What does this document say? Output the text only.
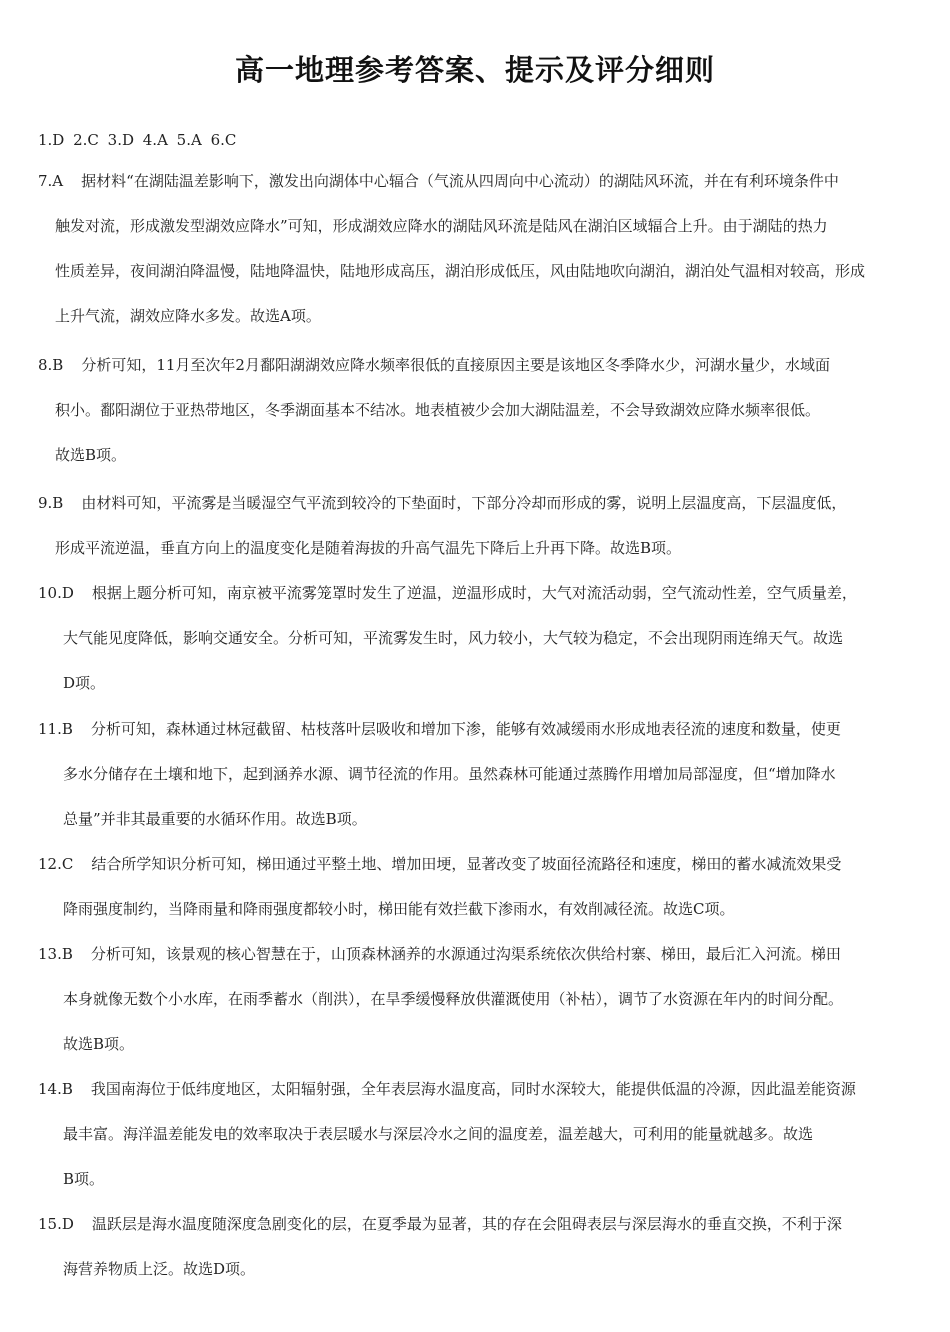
高一地理参考答案、提示及评分细则
1.D 2.C 3.D 4.A 5.A 6.C
7.A 据材料“在湖陆温差影响下，激发出向湖体中心辐合（气流从四周向中心流动）的湖陆风环流，并在有利环境条件中
触发对流，形成激发型湖效应降水”可知，形成湖效应降水的湖陆风环流是陆风在湖泊区域辐合上升。由于湖陆的热力
性质差异，夜间湖泊降温慢，陆地降温快，陆地形成高压，湖泊形成低压，风由陆地吹向湖泊，湖泊处气温相对较高，形成
上升气流，湖效应降水多发。故选A项。
8.B 分析可知，11月至次年2月鄱阳湖湖效应降水频率很低的直接原因主要是该地区冬季降水少，河湖水量少，水域面
积小。鄱阳湖位于亚热带地区，冬季湖面基本不结冰。地表植被少会加大湖陆温差，不会导致湖效应降水频率很低。
故选B项。
9.B 由材料可知，平流雾是当暖湿空气平流到较冷的下垫面时，下部分冷却而形成的雾，说明上层温度高，下层温度低，
形成平流逆温，垂直方向上的温度变化是随着海拔的升高气温先下降后上升再下降。故选B项。
10.D 根据上题分析可知，南京被平流雾笼罩时发生了逆温，逆温形成时，大气对流活动弱，空气流动性差，空气质量差，
大气能见度降低，影响交通安全。分析可知，平流雾发生时，风力较小，大气较为稳定，不会出现阴雨连绵天气。故选
D项。
11.B 分析可知，森林通过林冠截留、枯枝落叶层吸收和增加下渗，能够有效减缓雨水形成地表径流的速度和数量，使更
多水分储存在土壤和地下，起到涵养水源、调节径流的作用。虽然森林可能通过蒸腾作用增加局部湿度，但“增加降水
总量”并非其最重要的水循环作用。故选B项。
12.C 结合所学知识分析可知，梯田通过平整土地、增加田埂，显著改变了坡面径流路径和速度，梯田的蓄水减流效果受
降雨强度制约，当降雨量和降雨强度都较小时，梯田能有效拦截下渗雨水，有效削减径流。故选C项。
13.B 分析可知，该景观的核心智慧在于，山顶森林涵养的水源通过沟渠系统依次供给村寨、梯田，最后汇入河流。梯田
本身就像无数个小水库，在雨季蓄水（削洪），在旱季缓慢释放供灌溉使用（补枯），调节了水资源在年内的时间分配。
故选B项。
14.B 我国南海位于低纬度地区，太阳辐射强，全年表层海水温度高，同时水深较大，能提供低温的冷源，因此温差能资源
最丰富。海洋温差能发电的效率取决于表层暖水与深层冷水之间的温度差，温差越大，可利用的能量就越多。故选
B项。
15.D 温跃层是海水温度随深度急剧变化的层，在夏季最为显著，其的存在会阻碍表层与深层海水的垂直交换，不利于深
海营养物质上泛。故选D项。
